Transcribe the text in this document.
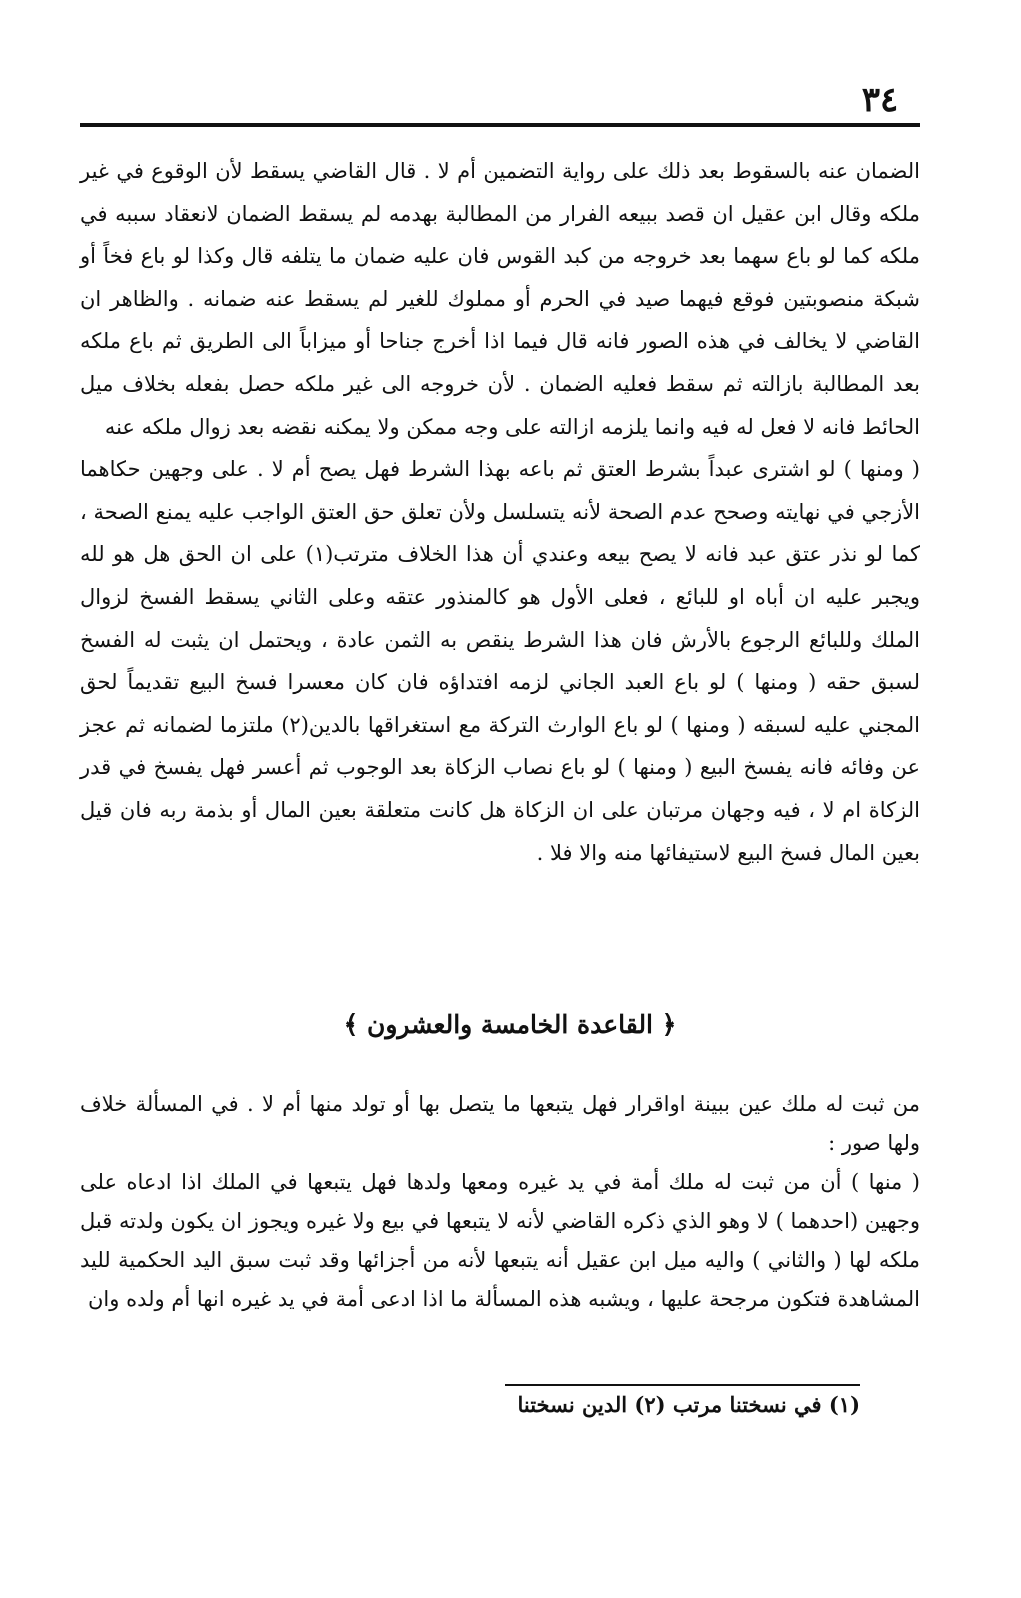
٣٤

الضمان عنه بالسقوط بعد ذلك على رواية التضمين أم لا . قال القاضي يسقط لأن الوقوع في غير ملكه وقال ابن عقيل ان قصد ببيعه الفرار من المطالبة بهدمه لم يسقط الضمان لانعقاد سببه في ملكه كما لو باع سهما بعد خروجه من كبد القوس فان عليه ضمان ما يتلفه قال وكذا لو باع فخاً أو شبكة منصوبتين فوقع فيهما صيد في الحرم أو مملوك للغير لم يسقط عنه ضمانه . والظاهر ان القاضي لا يخالف في هذه الصور فانه قال فيما اذا أخرج جناحا أو ميزاباً الى الطريق ثم باع ملكه بعد المطالبة بازالته ثم سقط فعليه الضمان . لأن خروجه الى غير ملكه حصل بفعله بخلاف ميل الحائط فانه لا فعل له فيه وانما يلزمه ازالته على وجه ممكن ولا يمكنه نقضه بعد زوال ملكه عنه

( ومنها ) لو اشترى عبداً بشرط العتق ثم باعه بهذا الشرط فهل يصح أم لا . على وجهين حكاهما الأزجي في نهايته وصحح عدم الصحة لأنه يتسلسل ولأن تعلق حق العتق الواجب عليه يمنع الصحة ، كما لو نذر عتق عبد فانه لا يصح بيعه وعندي أن هذا الخلاف مترتب(١) على ان الحق هل هو لله ويجبر عليه ان أباه او للبائع ، فعلى الأول هو كالمنذور عتقه وعلى الثاني يسقط الفسخ لزوال الملك وللبائع الرجوع بالأرش فان هذا الشرط ينقص به الثمن عادة ، ويحتمل ان يثبت له الفسخ لسبق حقه ( ومنها ) لو باع العبد الجاني لزمه افتداؤه فان كان معسرا فسخ البيع تقديماً لحق المجني عليه لسبقه ( ومنها ) لو باع الوارث التركة مع استغراقها بالدين(٢) ملتزما لضمانه ثم عجز عن وفائه فانه يفسخ البيع ( ومنها ) لو باع نصاب الزكاة بعد الوجوب ثم أعسر فهل يفسخ في قدر الزكاة ام لا ، فيه وجهان مرتبان على ان الزكاة هل كانت متعلقة بعين المال أو بذمة ربه فان قيل بعين المال فسخ البيع لاستيفائها منه والا فلا .

﴿ القاعدة الخامسة والعشرون ﴾

من ثبت له ملك عين ببينة اواقرار فهل يتبعها ما يتصل بها أو تولد منها أم لا . في المسألة خلاف ولها صور :

( منها ) أن من ثبت له ملك أمة في يد غيره ومعها ولدها فهل يتبعها في الملك اذا ادعاه على وجهين (احدهما ) لا وهو الذي ذكره القاضي لأنه لا يتبعها في بيع ولا غيره ويجوز ان يكون ولدته قبل ملكه لها ( والثاني ) واليه ميل ابن عقيل أنه يتبعها لأنه من أجزائها وقد ثبت سبق اليد الحكمية لليد المشاهدة فتكون مرجحة عليها ، ويشبه هذه المسألة ما اذا ادعى أمة في يد غيره انها أم ولده وان

(١) في نسختنا مرتب (٢) الدين نسختنا
